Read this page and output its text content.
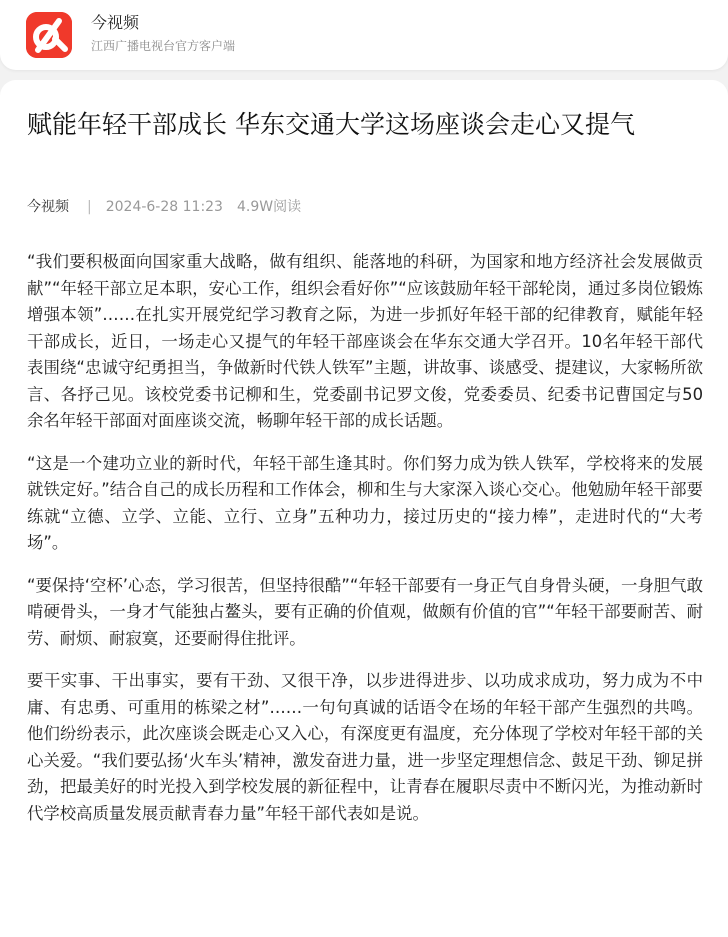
今视频
江西广播电视台官方客户端
赋能年轻干部成长 华东交通大学这场座谈会走心又提气
今视频 | 2024-6-28 11:23 4.9W阅读

“我们要积极面向国家重大战略，做有组织、能落地的科研，为国家和地方经济社会发展做贡献”“年轻干部立足本职，安心工作，组织会看好你”“应该鼓励年轻干部轮岗，通过多岗位锻炼增强本领”……在扎实开展党纪学习教育之际，为进一步抓好年轻干部的纪律教育，赋能年轻干部成长，近日，一场走心又提气的年轻干部座谈会在华东交通大学召开。10名年轻干部代表围绕“忠诚守纪勇担当，争做新时代铁人铁军”主题，讲故事、谈感受、提建议，大家畅所欲言、各抒己见。该校党委书记柳和生，党委副书记罗文俊，党委委员、纪委书记曹国定与50余名年轻干部面对面座谈交流，畅聊年轻干部的成长话题。

“这是一个建功立业的新时代，年轻干部生逢其时。你们努力成为铁人铁军，学校将来的发展就铁定好。”结合自己的成长历程和工作体会，柳和生与大家深入谈心交心。他勉励年轻干部要练就“立德、立学、立能、立行、立身”五种功力，接过历史的“接力棒”，走进时代的“大考场”。

“要保持‘空杯’心态，学习很苦，但坚持很酷”“年轻干部要有一身正气自身骨头硬，一身胆气敢啃硬骨头，一身才气能独占鳌头，要有正确的价值观，做颇有价值的官”“年轻干部要耐苦、耐劳、耐烦、耐寂寞，还要耐得住批评。

要干实事、干出事实，要有干劲、又很干净，以步进得进步、以功成求成功，努力成为不中庸、有忠勇、可重用的栋梁之材”……一句句真诚的话语令在场的年轻干部产生强烈的共鸣。他们纷纷表示，此次座谈会既走心又入心，有深度更有温度，充分体现了学校对年轻干部的关心关爱。“我们要弘扬‘火车头’精神，激发奋进力量，进一步坚定理想信念、鼓足干劲、铆足拼劲，把最美好的时光投入到学校发展的新征程中，让青春在履职尽责中不断闪光，为推动新时代学校高质量发展贡献青春力量”年轻干部代表如是说。
